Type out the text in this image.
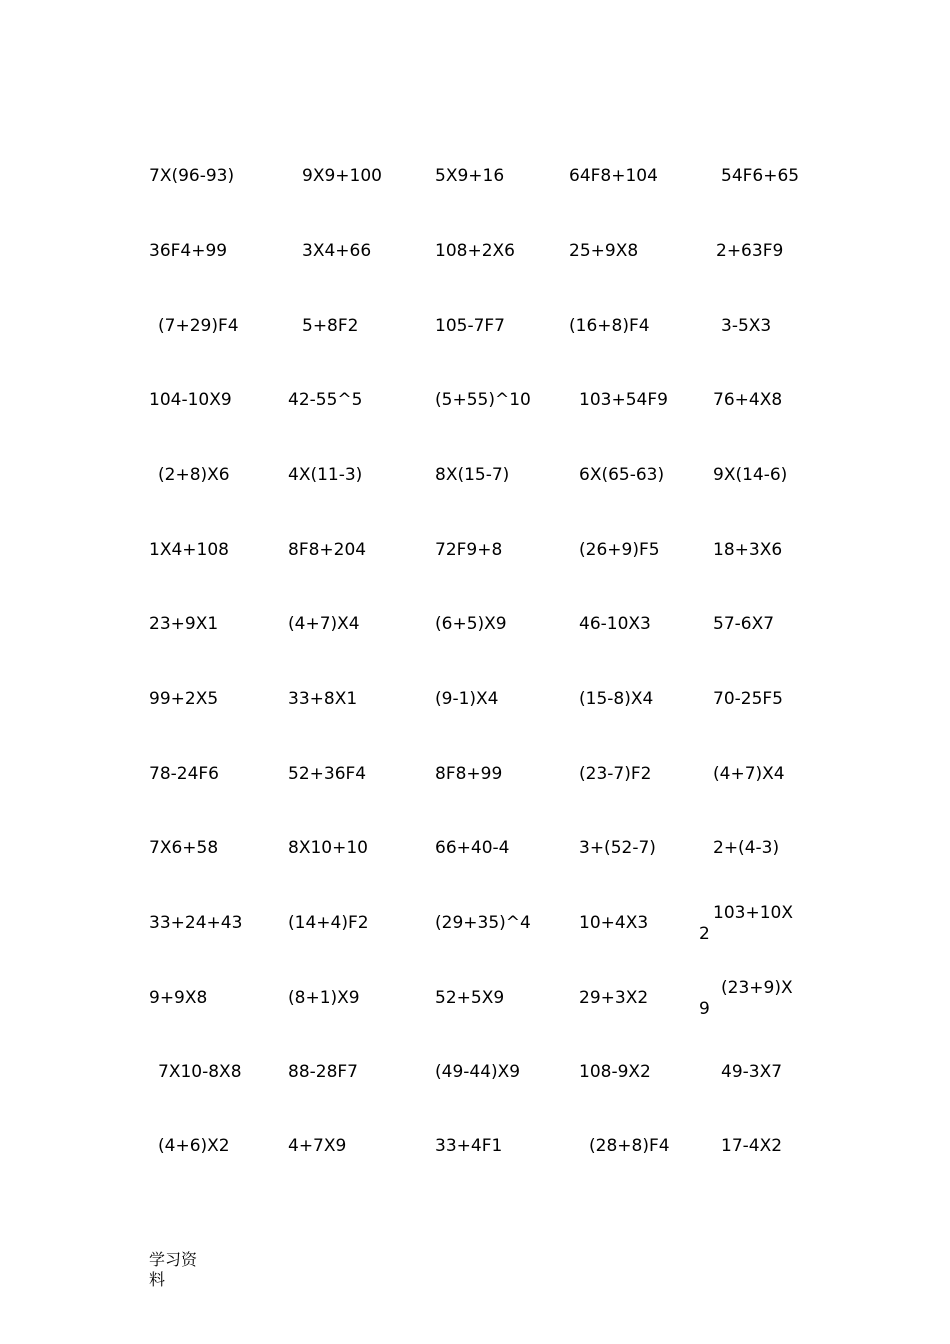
7X(96-93)	9X9+100	5X9+16	64F8+104	54F6+65
36F4+99	3X4+66	108+2X6	25+9X8	2+63F9
(7+29)F4	5+8F2	105-7F7	(16+8)F4	3-5X3
104-10X9	42-55^5	(5+55)^10	103+54F9	76+4X8
(2+8)X6	4X(11-3)	8X(15-7)	6X(65-63)	9X(14-6)
1X4+108	8F8+204	72F9+8	(26+9)F5	18+3X6
23+9X1	(4+7)X4	(6+5)X9	46-10X3	57-6X7
99+2X5	33+8X1	(9-1)X4	(15-8)X4	70-25F5
78-24F6	52+36F4	8F8+99	(23-7)F2	(4+7)X4
7X6+58	8X10+10	66+40-4	3+(52-7)	2+(4-3)
33+24+43	(14+4)F2	(29+35)^4	10+4X3	103+10X
2
9+9X8	(8+1)X9	52+5X9	29+3X2	(23+9)X
9
7X10-8X8	88-28F7	(49-44)X9	108-9X2	49-3X7
(4+6)X2	4+7X9	33+4F1	(28+8)F4	17-4X2
学习资
料
